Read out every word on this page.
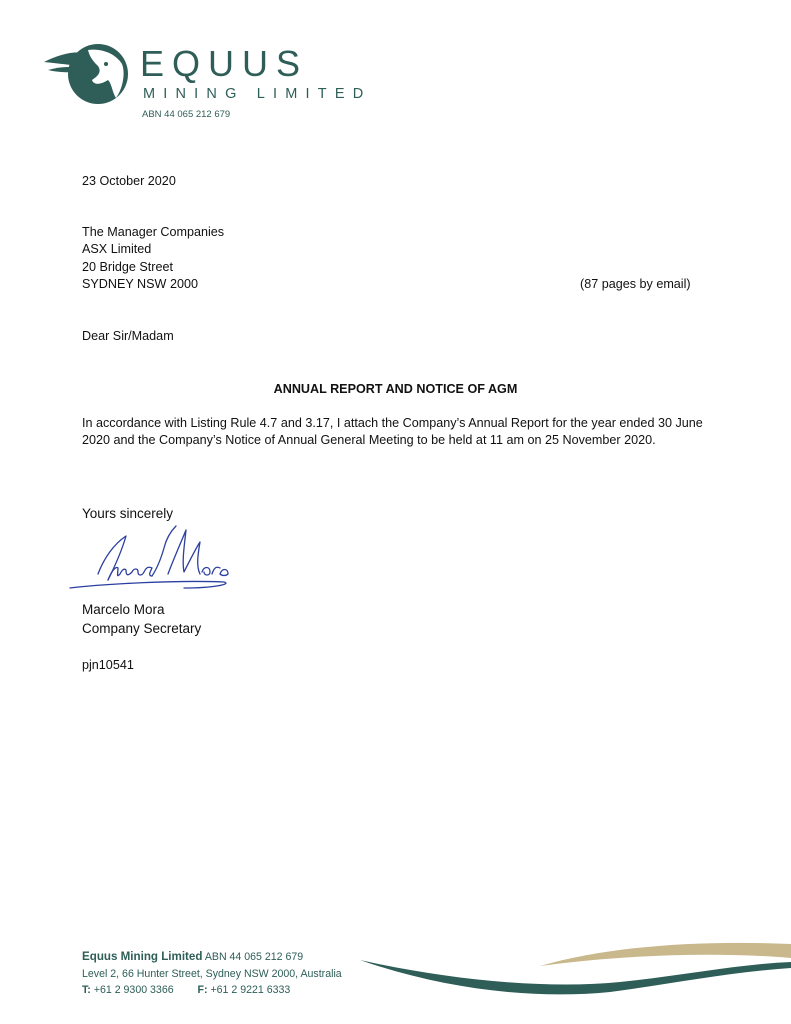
EQUUS
MINING LIMITED
ABN 44 065 212 679
23 October 2020
The Manager Companies
ASX Limited
20 Bridge Street
SYDNEY NSW 2000	(87 pages by email)
Dear Sir/Madam
ANNUAL REPORT AND NOTICE OF AGM
In accordance with Listing Rule 4.7 and 3.17, I attach the Company’s Annual Report for the year ended 30 June 2020 and the Company’s Notice of Annual General Meeting to be held at 11 am on 25 November 2020.
Yours sincerely
Marcelo Mora
Company Secretary
pjn10541
Equus Mining Limited ABN 44 065 212 679
Level 2, 66 Hunter Street, Sydney NSW 2000, Australia
T: +61 2 9300 3366 F: +61 2 9221 6333
